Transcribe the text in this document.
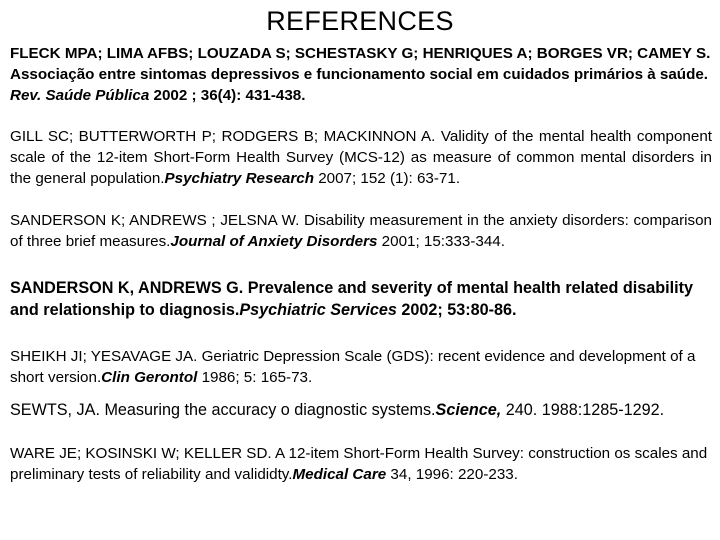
REFERENCES

FLECK MPA; LIMA AFBS; LOUZADA S; SCHESTASKY G; HENRIQUES A; BORGES VR; CAMEY S. Associação entre sintomas depressivos e funcionamento social em cuidados primários à saúde.
Rev. Saúde Pública 2002 ; 36(4): 431-438.

GILL SC; BUTTERWORTH P; RODGERS B; MACKINNON A. Validity of the mental health component scale of the 12-item Short-Form Health Survey (MCS-12) as measure of common mental disorders in the general population.Psychiatry Research 2007; 152 (1): 63-71.

SANDERSON K; ANDREWS ; JELSNA W. Disability measurement in the anxiety disorders: comparison of three brief measures.Journal of Anxiety Disorders 2001; 15:333-344.

SANDERSON K, ANDREWS G. Prevalence and severity of mental health related disability and relationship to diagnosis.Psychiatric Services 2002; 53:80-86.

SHEIKH JI; YESAVAGE JA. Geriatric Depression Scale (GDS): recent evidence and development of a short version.Clin Gerontol 1986; 5: 165-73.

SEWTS, JA. Measuring the accuracy o diagnostic systems.Science, 240. 1988:1285-1292.

WARE JE; KOSINSKI W; KELLER SD. A 12-item Short-Form Health Survey: construction os scales and preliminary tests of reliability and valididty.Medical Care 34, 1996: 220-233.
